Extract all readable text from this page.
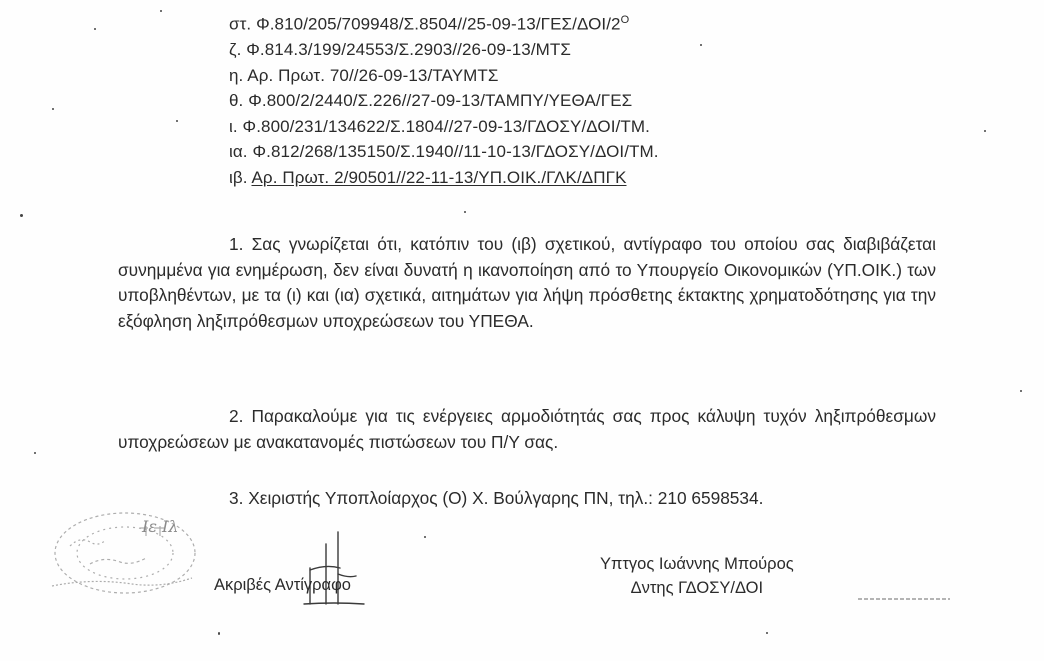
στ. $\Phi.810/205/709948/\Sigma.8504//25-09-13/\Gamma E\Sigma/\Delta OI/2^O$
ζ. Φ.814.3/199/24553/Σ.2903//26-09-13/ΜΤΣ
η. Αρ. Πρωτ. 70//26-09-13/ΤΑΥΜΤΣ
θ. Φ.800/2/2440/Σ.226//27-09-13/ΤΑΜΠΥ/ΥΕΘΑ/ΓΕΣ
ι. Φ.800/231/134622/Σ.1804//27-09-13/ΓΔΟΣΥ/ΔΟΙ/ΤΜ.
ια. Φ.812/268/135150/Σ.1940//11-10-13/ΓΔΟΣΥ/ΔΟΙ/ΤΜ.
ιβ. Αρ. Πρωτ. 2/90501//22-11-13/ΥΠ.ΟΙΚ./ΓΛΚ/ΔΠΓΚ
1. Σας γνωρίζεται ότι, κατόπιν του (ιβ) σχετικού, αντίγραφο του οποίου σας διαβιβάζεται συνημμένα για ενημέρωση, δεν είναι δυνατή η ικανοποίηση από το Υπουργείο Οικονομικών (ΥΠ.ΟΙΚ.) των υποβληθέντων, με τα (ι) και (ια) σχετικά, αιτημάτων για λήψη πρόσθετης έκτακτης χρηματοδότησης για την εξόφληση ληξιπρόθεσμων υποχρεώσεων του ΥΠΕΘΑ.
2. Παρακαλούμε για τις ενέργειες αρμοδιότητάς σας προς κάλυψη τυχόν ληξιπρόθεσμων υποχρεώσεων με ανακατανομές πιστώσεων του Π/Υ σας.
3. Χειριστής Υποπλοίαρχος (Ο) Χ. Βούλγαρης ΠΝ, τηλ.: 210 6598534.
Ιε Ιλ
Ακριβές Αντίγραφο
Υπτγος Ιωάννης Μπούρος
Δντης ΓΔΟΣΥ/ΔΟΙ
